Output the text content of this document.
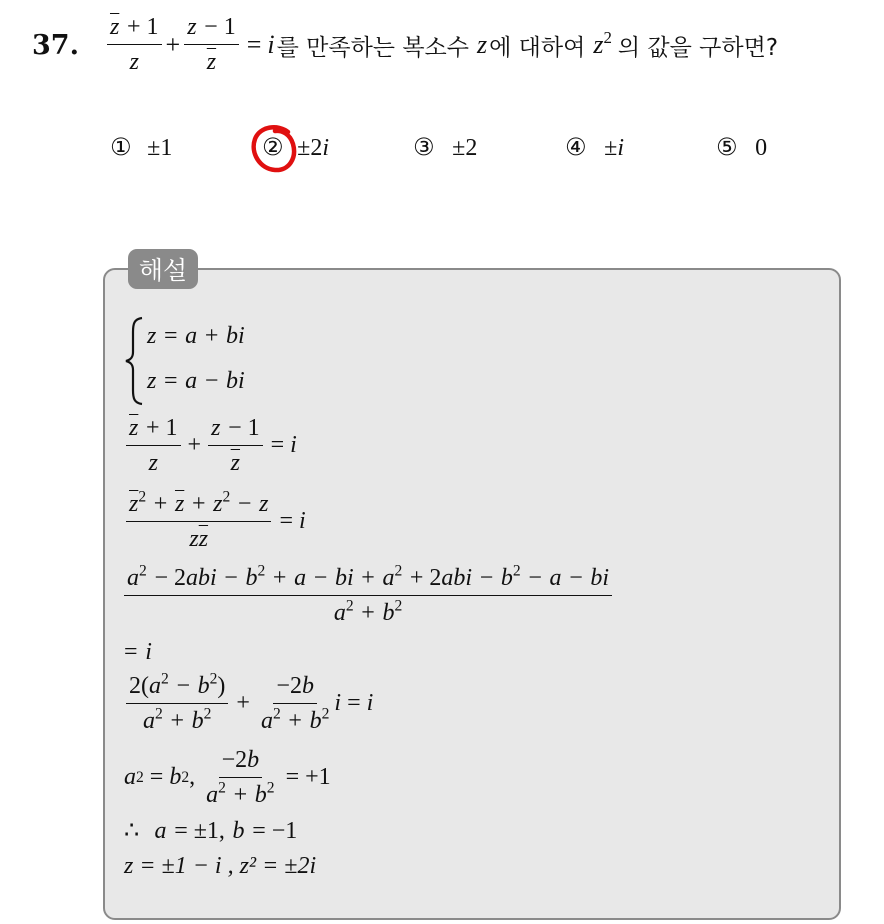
37. $\frac{\overline{z} + 1}{z} + \frac{z - 1}{z} = i$ 를 만족하는 복소수 z 에 대하여 $z^2$ 의 값을 구하면?
① ±1	② ±2i	③ ±2	④ ±i	⑤ 0
해설
z = a + bi
z = a − bi
$\frac{\overline{z} + 1}{z} + \frac{z - 1}{z} = i$
$\frac{\overline{z}^2 + \overline{z} + z^2 - z}{z\overline{z}} = i$
$\frac{a^2 - 2abi - b^2 + a - bi + a^2 + 2abi - b^2 - a - bi}{a^2 + b^2}$
= i
$\frac{2(a^2 - b^2)}{a^2 + b^2} + \frac{-2b}{a^2 + b^2}$ i = i
a 2 = b 2 , $\frac{-2b}{a^2 + b^2} = +1$
∴ a = ±1, b = −1
z = ±1 − i , z² = ±2i
